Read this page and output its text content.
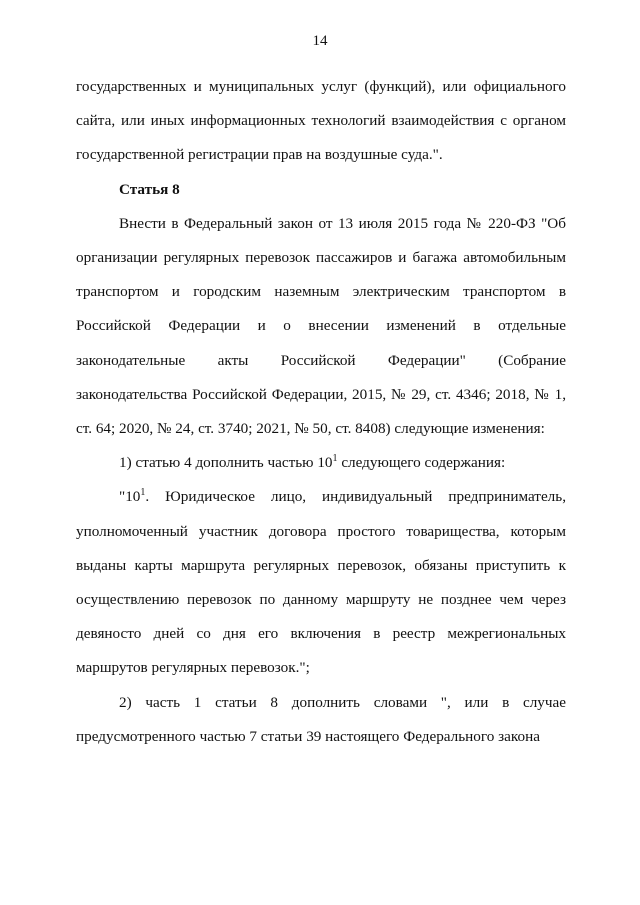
14

государственных и муниципальных услуг (функций), или официального сайта, или иных информационных технологий взаимодействия с органом государственной регистрации прав на воздушные суда.".

Статья 8

Внести в Федеральный закон от 13 июля 2015 года № 220-ФЗ "Об организации регулярных перевозок пассажиров и багажа автомобильным транспортом и городским наземным электрическим транспортом в Российской Федерации и о внесении изменений в отдельные законодательные акты Российской Федерации" (Собрание законодательства Российской Федерации, 2015, № 29, ст. 4346; 2018, № 1, ст. 64; 2020, № 24, ст. 3740; 2021, № 50, ст. 8408) следующие изменения:

1) статью 4 дополнить частью $10^1$ следующего содержания:

"$10^1$. Юридическое лицо, индивидуальный предприниматель, уполномоченный участник договора простого товарищества, которым выданы карты маршрута регулярных перевозок, обязаны приступить к осуществлению перевозок по данному маршруту не позднее чем через девяносто дней со дня его включения в реестр межрегиональных маршрутов регулярных перевозок.";

2) часть 1 статьи 8 дополнить словами ", или в случае предусмотренного частью 7 статьи 39 настоящего Федерального закона
